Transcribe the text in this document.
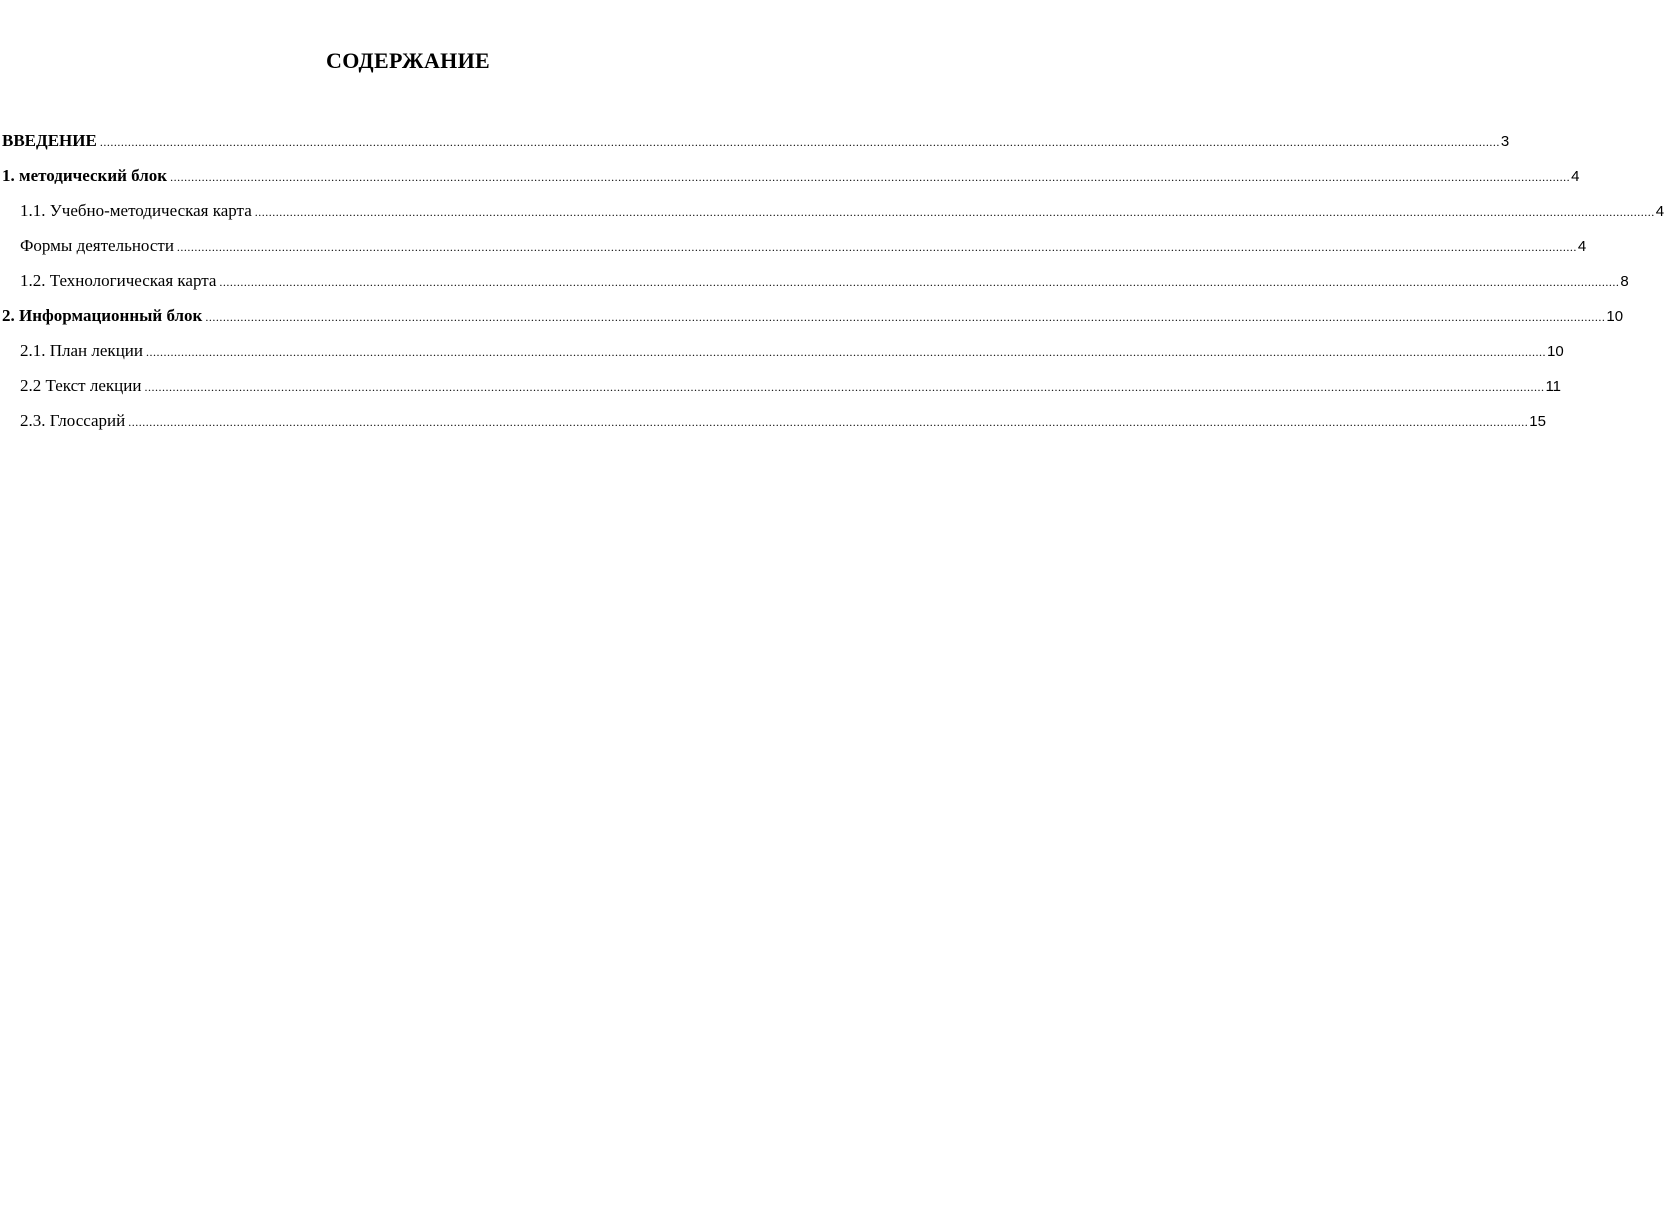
СОДЕРЖАНИЕ
ВВЕДЕНИЕ ................................................................................................................................................................................................................................................................................................................................................................................................................ 3
1. методический блок ................................................................................................................................................................................................................................................................................................................................................................................................................ 4
1.1. Учебно-методическая карта ................................................................................................................................................................................................................................................................................................................................................................................................................ 4
Формы деятельности ................................................................................................................................................................................................................................................................................................................................................................................................................ 4
1.2. Технологическая карта ................................................................................................................................................................................................................................................................................................................................................................................................................ 8
2. Информационный блок ................................................................................................................................................................................................................................................................................................................................................................................................................ 10
2.1. План лекции ................................................................................................................................................................................................................................................................................................................................................................................................................ 10
2.2 Текст лекции ................................................................................................................................................................................................................................................................................................................................................................................................................ 11
2.3. Глоссарий ................................................................................................................................................................................................................................................................................................................................................................................................................ 15
